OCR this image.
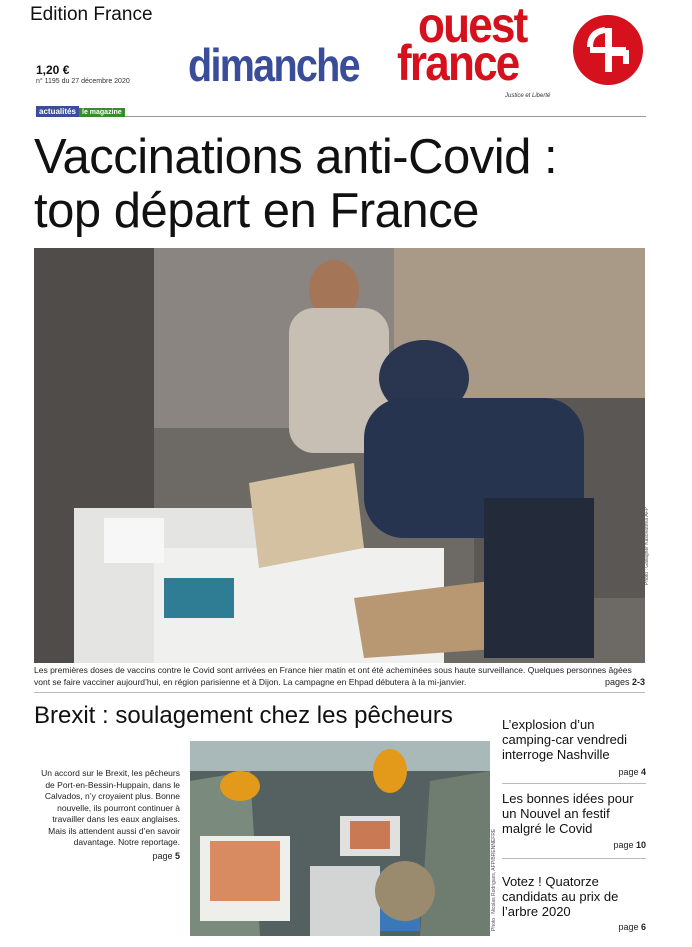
Edition France
1,20 €
n° 1195 du 27 décembre 2020 dimanche
ouest
france
Justice et Liberté
actualités le magazine
Vaccinations anti-Covid :
top départ en France
Photo : Gallagher Kasovadrea AFP
Les premières doses de vaccins contre le Covid sont arrivées en France hier matin et ont été acheminées sous haute surveillance. Quelques personnes âgées vont se faire vacciner aujourd’hui, en région parisienne et à Dijon. La campagne en Ehpad débutera à la mi-janvier.	pages 2-3
Brexit : soulagement chez les pêcheurs
Un accord sur le Brexit, les pêcheurs de Port-en-Bessin-Huppain, dans le Calvados, n’y croyaient plus. Bonne nouvelle, ils pourront continuer à travailler dans les eaux anglaises. Mais ils attendent aussi d’en savoir davantage. Notre reportage.
page 5	Photo : Nicolas Rodrigues, AFP/BRENNEFRE
L’explosion d’un camping-car vendredi interroge Nashville
page 4
Les bonnes idées pour un Nouvel an festif malgré le Covid
page 10
Votez ! Quatorze candidats au prix de l’arbre 2020
page 6
